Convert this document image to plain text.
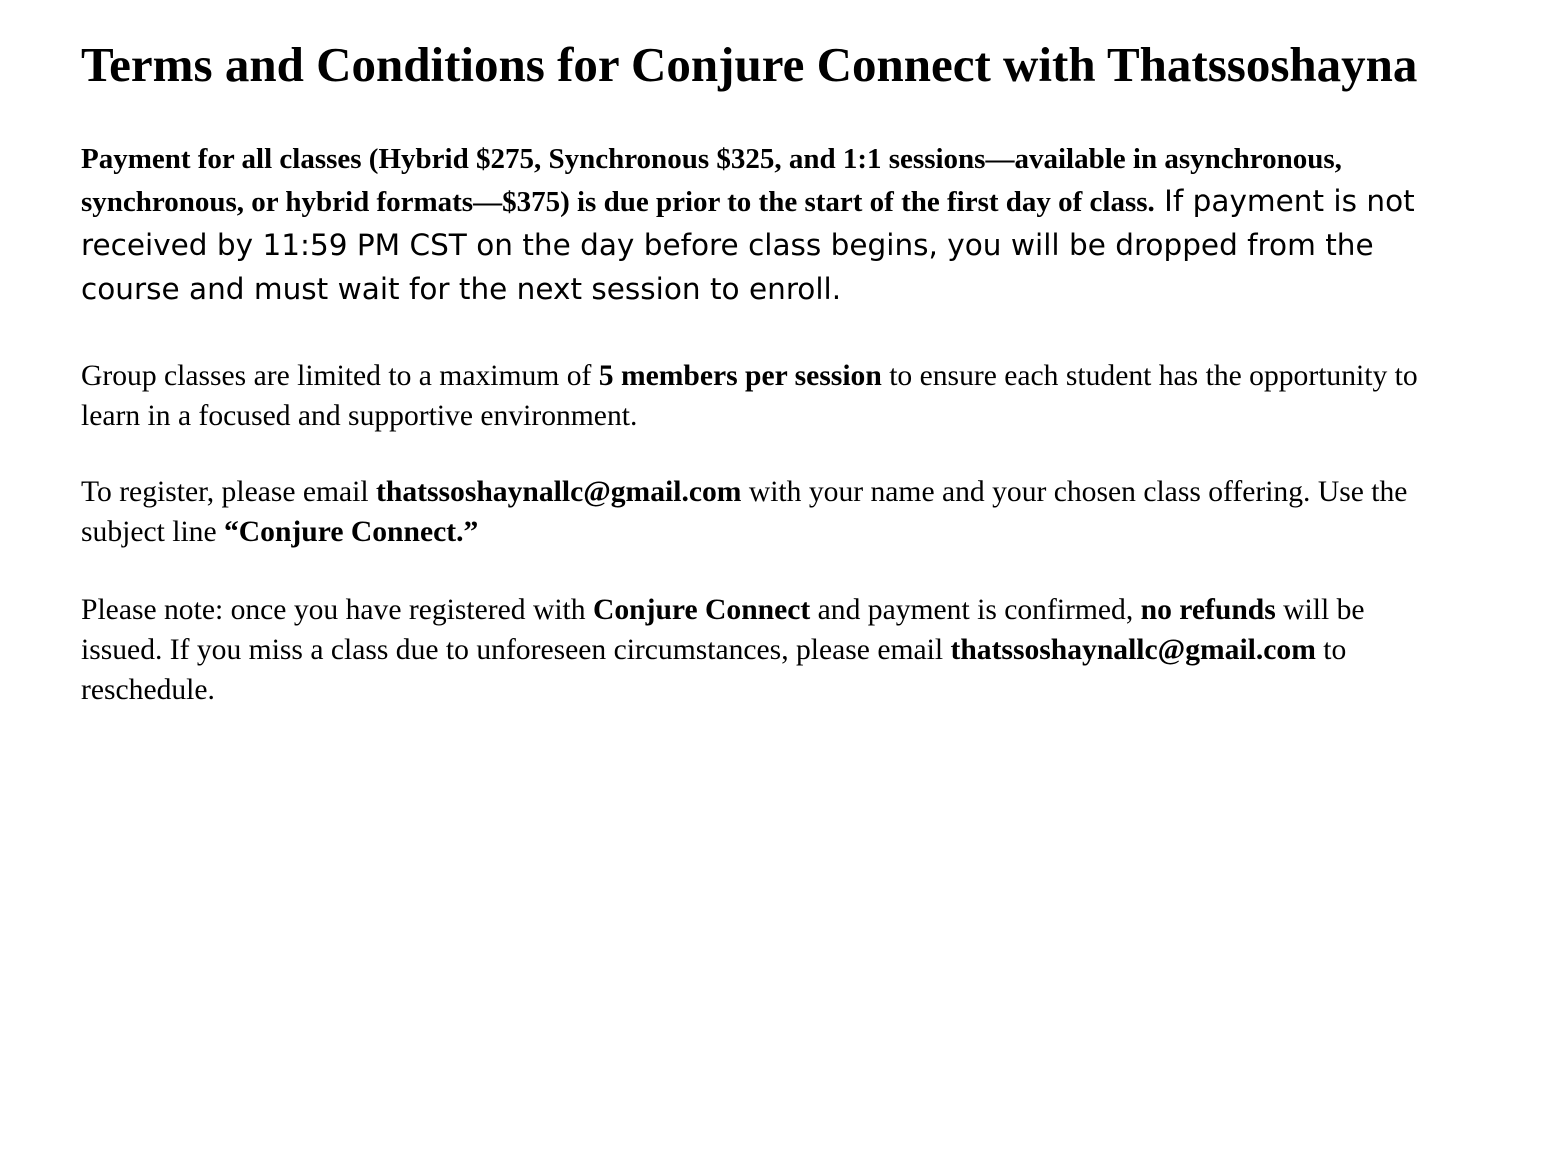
Terms and Conditions for Conjure Connect with Thatssoshayna

Payment for all classes (Hybrid $275, Synchronous $325, and 1:1 sessions—available in asynchronous, synchronous, or hybrid formats—$375) is due prior to the start of the first day of class. If payment is not received by 11:59 PM CST on the day before class begins, you will be dropped from the course and must wait for the next session to enroll.

Group classes are limited to a maximum of 5 members per session to ensure each student has the opportunity to learn in a focused and supportive environment.

To register, please email thatssoshaynallc@gmail.com with your name and your chosen class offering. Use the subject line “Conjure Connect.”

Please note: once you have registered with Conjure Connect and payment is confirmed, no refunds will be issued. If you miss a class due to unforeseen circumstances, please email thatssoshaynallc@gmail.com to reschedule.
